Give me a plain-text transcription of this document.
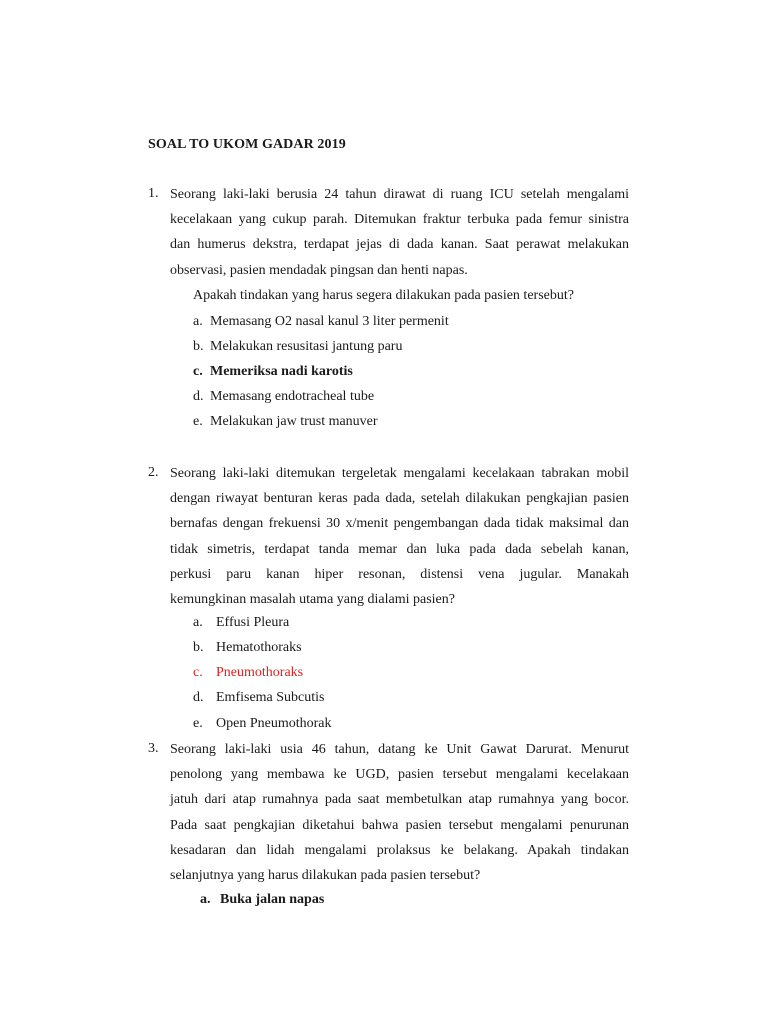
SOAL TO UKOM GADAR 2019
1. Seorang laki-laki berusia 24 tahun dirawat di ruang ICU setelah mengalami
kecelakaan yang cukup parah. Ditemukan fraktur terbuka pada femur sinistra
dan humerus dekstra, terdapat jejas di dada kanan. Saat perawat melakukan
observasi, pasien mendadak pingsan dan henti napas.
Apakah tindakan yang harus segera dilakukan pada pasien tersebut?
a. Memasang O2 nasal kanul 3 liter permenit
b. Melakukan resusitasi jantung paru
c. Memeriksa nadi karotis
d. Memasang endotracheal tube
e. Melakukan jaw trust manuver
2. Seorang laki-laki ditemukan tergeletak mengalami kecelakaan tabrakan mobil
dengan riwayat benturan keras pada dada, setelah dilakukan pengkajian pasien
bernafas dengan frekuensi 30 x/menit pengembangan dada tidak maksimal dan
tidak simetris, terdapat tanda memar dan luka pada dada sebelah kanan,
perkusi paru kanan hiper resonan, distensi vena jugular. Manakah
kemungkinan masalah utama yang dialami pasien?
a. Effusi Pleura
b. Hematothoraks
c. Pneumothoraks
d. Emfisema Subcutis
e. Open Pneumothorak
3. Seorang laki-laki usia 46 tahun, datang ke Unit Gawat Darurat. Menurut
penolong yang membawa ke UGD, pasien tersebut mengalami kecelakaan
jatuh dari atap rumahnya pada saat membetulkan atap rumahnya yang bocor.
Pada saat pengkajian diketahui bahwa pasien tersebut mengalami penurunan
kesadaran dan lidah mengalami prolaksus ke belakang. Apakah tindakan
selanjutnya yang harus dilakukan pada pasien tersebut?
a. Buka jalan napas
